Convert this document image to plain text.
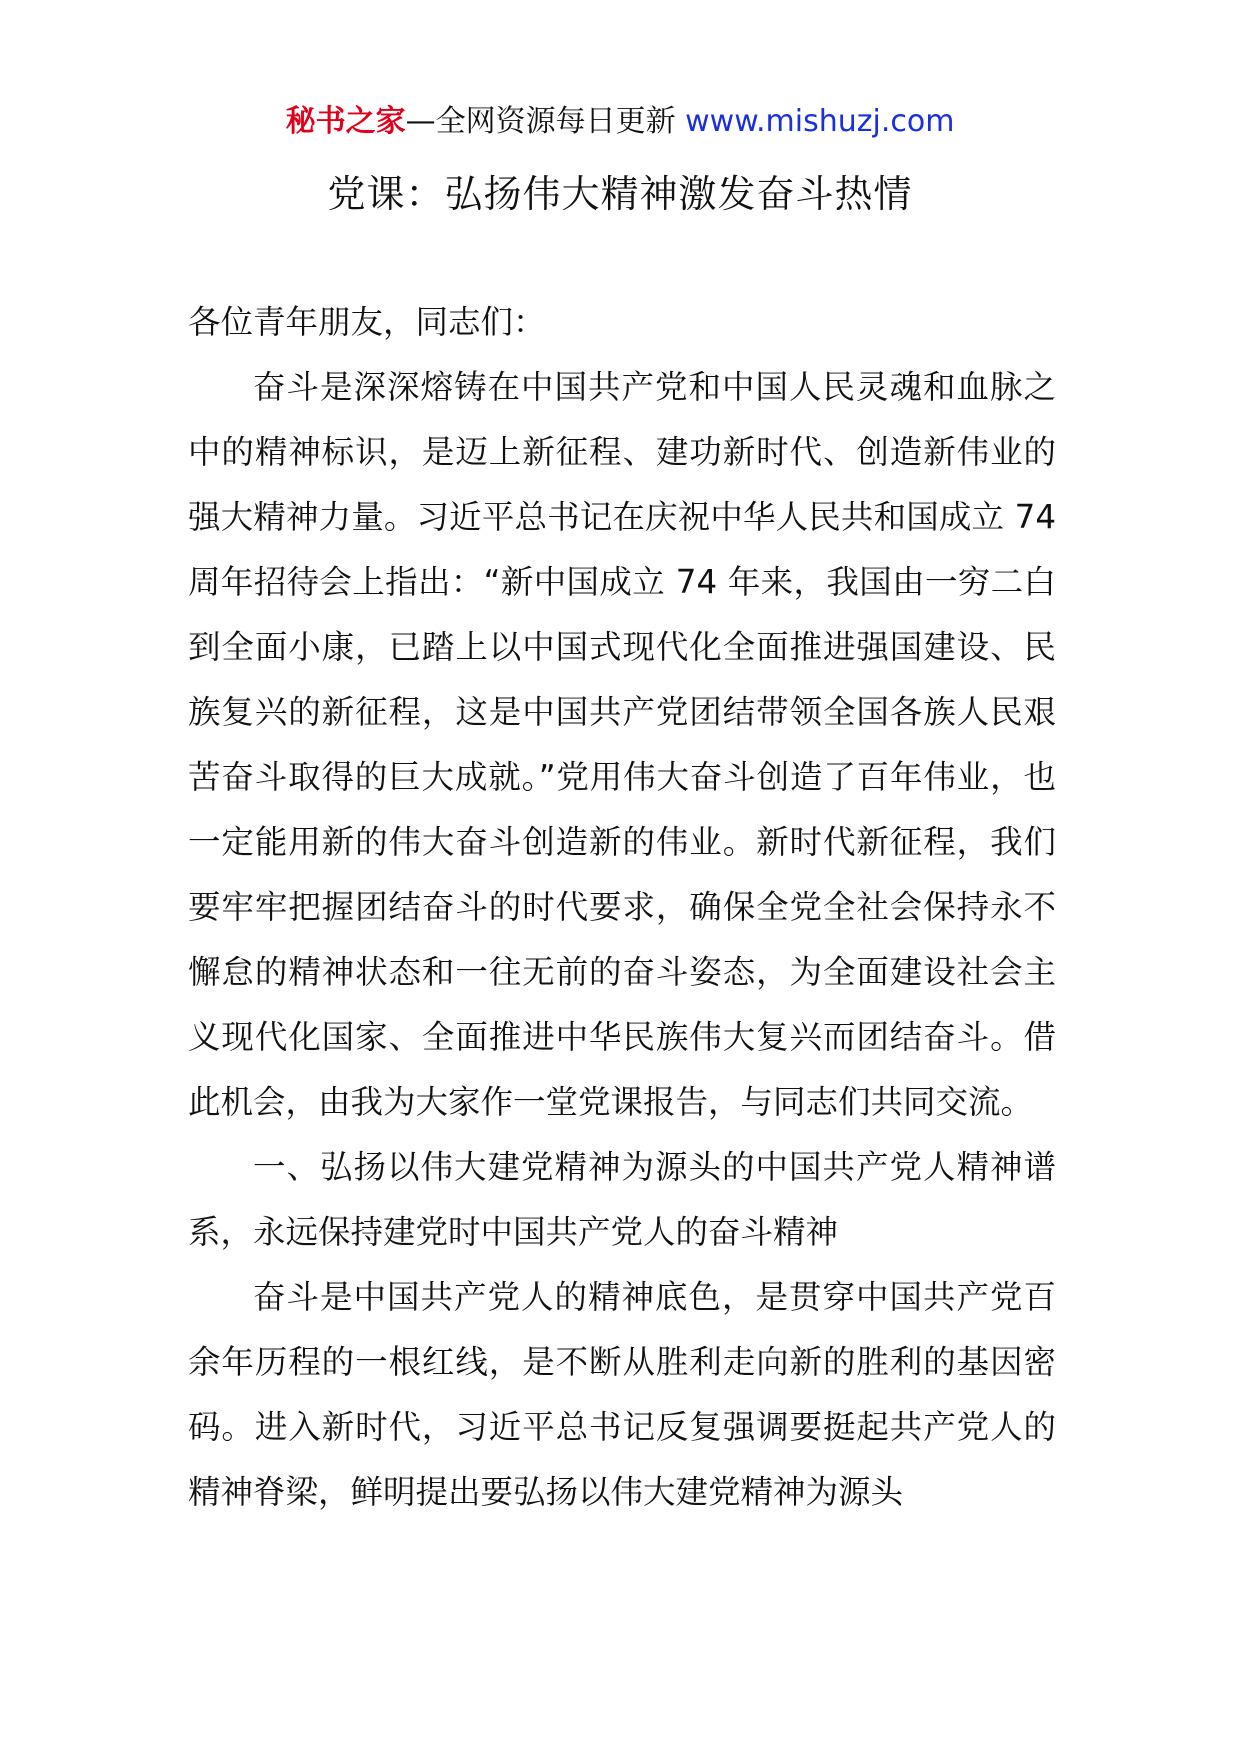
秘书之家—全网资源每日更新 www.mishuzj.com
党课：弘扬伟大精神激发奋斗热情

各位青年朋友，同志们：

奋斗是深深熔铸在中国共产党和中国人民灵魂和血脉之中的精神标识，是迈上新征程、建功新时代、创造新伟业的强大精神力量。习近平总书记在庆祝中华人民共和国成立 74 周年招待会上指出：“新中国成立 74 年来，我国由一穷二白到全面小康，已踏上以中国式现代化全面推进强国建设、民族复兴的新征程，这是中国共产党团结带领全国各族人民艰苦奋斗取得的巨大成就。”党用伟大奋斗创造了百年伟业，也一定能用新的伟大奋斗创造新的伟业。新时代新征程，我们要牢牢把握团结奋斗的时代要求，确保全党全社会保持永不懈怠的精神状态和一往无前的奋斗姿态，为全面建设社会主义现代化国家、全面推进中华民族伟大复兴而团结奋斗。借此机会，由我为大家作一堂党课报告，与同志们共同交流。

一、弘扬以伟大建党精神为源头的中国共产党人精神谱系，永远保持建党时中国共产党人的奋斗精神

奋斗是中国共产党人的精神底色，是贯穿中国共产党百余年历程的一根红线，是不断从胜利走向新的胜利的基因密码。进入新时代，习近平总书记反复强调要挺起共产党人的精神脊梁，鲜明提出要弘扬以伟大建党精神为源头
